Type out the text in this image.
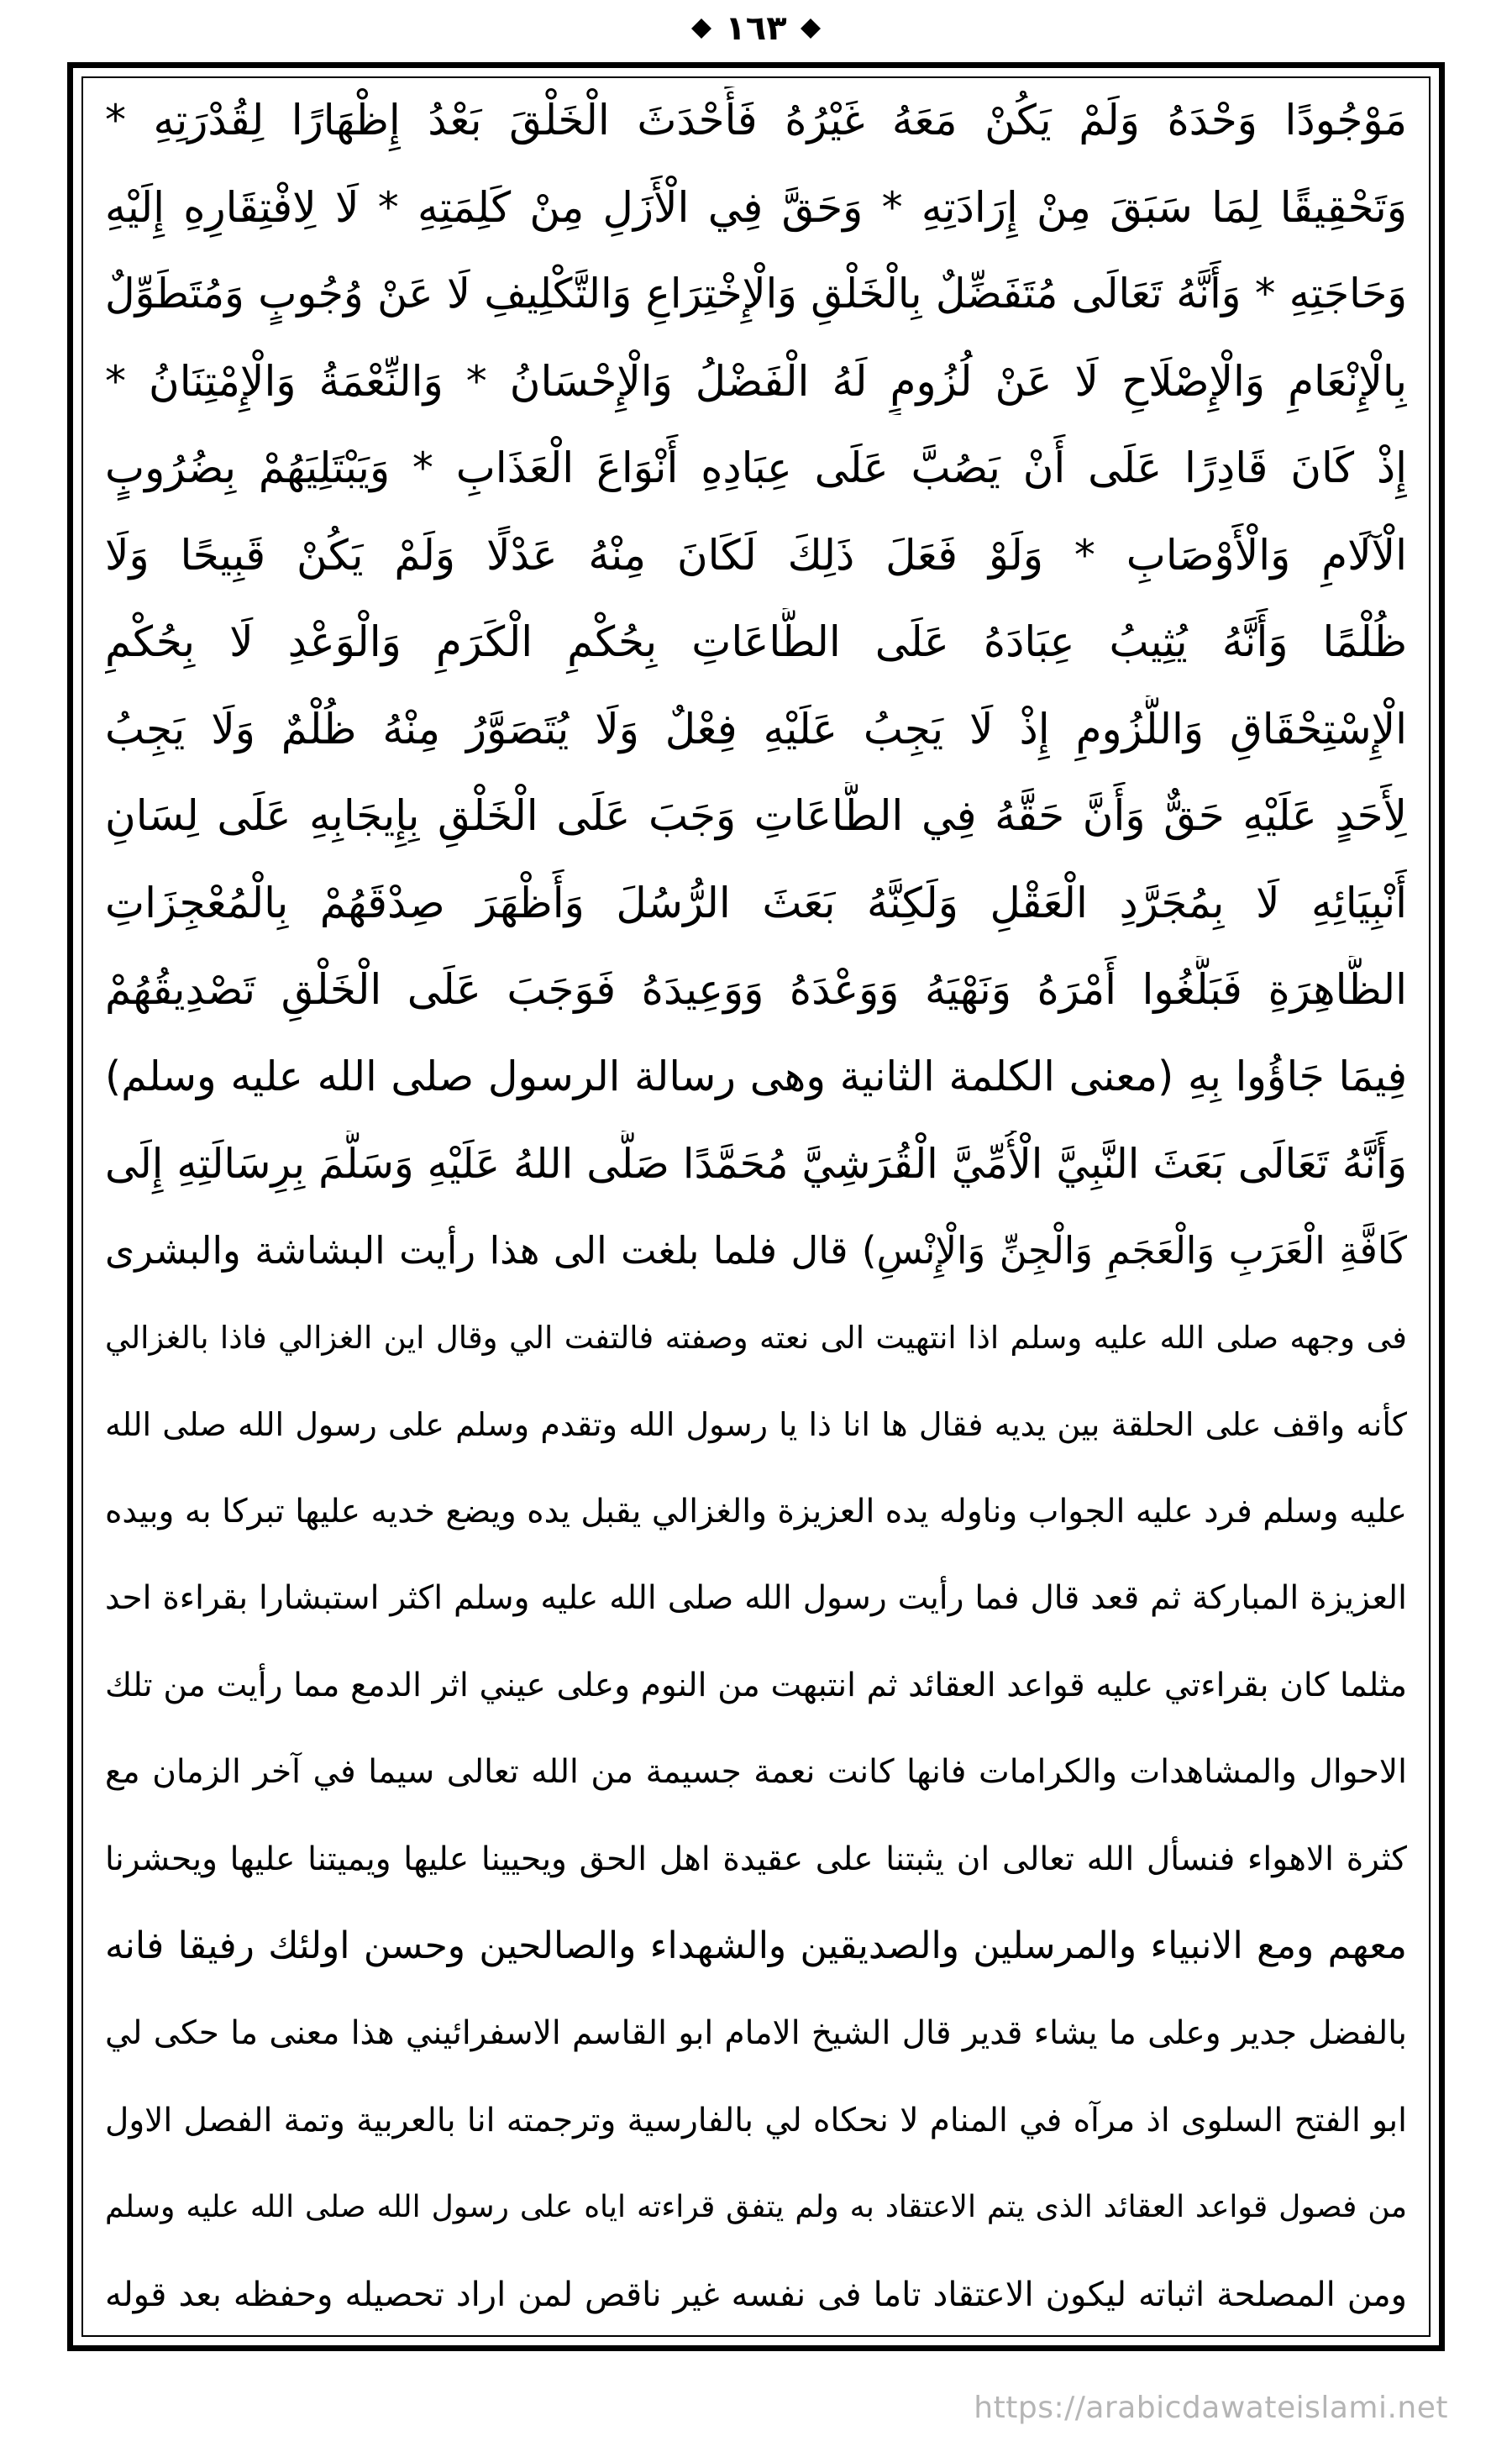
١٦٣
مَوْجُودًا وَحْدَهُ وَلَمْ يَكُنْ مَعَهُ غَيْرُهُ فَأَحْدَثَ الْخَلْقَ بَعْدُ إِظْهَارًا لِقُدْرَتِهِ *
وَتَحْقِيقًا لِمَا سَبَقَ مِنْ إِرَادَتِهِ * وَحَقَّ فِي الْأَزَلِ مِنْ كَلِمَتِهِ * لَا لِافْتِقَارِهِ إِلَيْهِ
وَحَاجَتِهِ * وَأَنَّهُ تَعَالَى مُتَفَضِّلٌ بِالْخَلْقِ وَالْإِخْتِرَاعِ وَالتَّكْلِيفِ لَا عَنْ وُجُوبٍ وَمُتَطَوِّلٌ
بِالْإِنْعَامِ وَالْإِصْلَاحِ لَا عَنْ لُزُومٍ لَهُ الْفَضْلُ وَالْإِحْسَانُ * وَالنِّعْمَةُ وَالْإِمْتِنَانُ *
إِذْ كَانَ قَادِرًا عَلَى أَنْ يَصُبَّ عَلَى عِبَادِهِ أَنْوَاعَ الْعَذَابِ * وَيَبْتَلِيَهُمْ بِضُرُوبٍ
الْآلَامِ وَالْأَوْصَابِ * وَلَوْ فَعَلَ ذَلِكَ لَكَانَ مِنْهُ عَدْلًا وَلَمْ يَكُنْ قَبِيحًا وَلَا
ظُلْمًا وَأَنَّهُ يُثِيبُ عِبَادَهُ عَلَى الطَّاعَاتِ بِحُكْمِ الْكَرَمِ وَالْوَعْدِ لَا بِحُكْمِ
الْإِسْتِحْقَاقِ وَاللُّزُومِ إِذْ لَا يَجِبُ عَلَيْهِ فِعْلٌ وَلَا يُتَصَوَّرُ مِنْهُ ظُلْمٌ وَلَا يَجِبُ
لِأَحَدٍ عَلَيْهِ حَقٌّ وَأَنَّ حَقَّهُ فِي الطَّاعَاتِ وَجَبَ عَلَى الْخَلْقِ بِإِيجَابِهِ عَلَى لِسَانِ
أَنْبِيَائِهِ لَا بِمُجَرَّدِ الْعَقْلِ وَلَكِنَّهُ بَعَثَ الرُّسُلَ وَأَظْهَرَ صِدْقَهُمْ بِالْمُعْجِزَاتِ
الظَّاهِرَةِ فَبَلَّغُوا أَمْرَهُ وَنَهْيَهُ وَوَعْدَهُ وَوَعِيدَهُ فَوَجَبَ عَلَى الْخَلْقِ تَصْدِيقُهُمْ
فِيمَا جَاؤُوا بِهِ (معنى الكلمة الثانية وهى رسالة الرسول صلى الله عليه وسلم)
وَأَنَّهُ تَعَالَى بَعَثَ النَّبِيَّ الْأُمِّيَّ الْقُرَشِيَّ مُحَمَّدًا صَلَّى اللهُ عَلَيْهِ وَسَلَّمَ بِرِسَالَتِهِ إِلَى
كَافَّةِ الْعَرَبِ وَالْعَجَمِ وَالْجِنِّ وَالْإِنْسِ) قال فلما بلغت الى هذا رأيت البشاشة والبشرى
فى وجهه صلى الله عليه وسلم اذا انتهيت الى نعته وصفته فالتفت الي وقال اين الغزالي فاذا بالغزالي
كأنه واقف على الحلقة بين يديه فقال ها انا ذا يا رسول الله وتقدم وسلم على رسول الله صلى الله
عليه وسلم فرد عليه الجواب وناوله يده العزيزة والغزالي يقبل يده ويضع خديه عليها تبركا به وبيده
العزيزة المباركة ثم قعد قال فما رأيت رسول الله صلى الله عليه وسلم اكثر استبشارا بقراءة احد
مثلما كان بقراءتي عليه قواعد العقائد ثم انتبهت من النوم وعلى عيني اثر الدمع مما رأيت من تلك
الاحوال والمشاهدات والكرامات فانها كانت نعمة جسيمة من الله تعالى سيما في آخر الزمان مع
كثرة الاهواء فنسأل الله تعالى ان يثبتنا على عقيدة اهل الحق ويحيينا عليها ويميتنا عليها ويحشرنا
معهم ومع الانبياء والمرسلين والصديقين والشهداء والصالحين وحسن اولئك رفيقا فانه
بالفضل جدير وعلى ما يشاء قدير قال الشيخ الامام ابو القاسم الاسفرائيني هذا معنى ما حكى لي
ابو الفتح السلوى اذ مرآه في المنام لا نحكاه لي بالفارسية وترجمته انا بالعربية وتمة الفصل الاول
من فصول قواعد العقائد الذى يتم الاعتقاد به ولم يتفق قراءته اياه على رسول الله صلى الله عليه وسلم
ومن المصلحة اثباته ليكون الاعتقاد تاما فى نفسه غير ناقص لمن اراد تحصيله وحفظه بعد قوله
https://arabicdawateislami.net
